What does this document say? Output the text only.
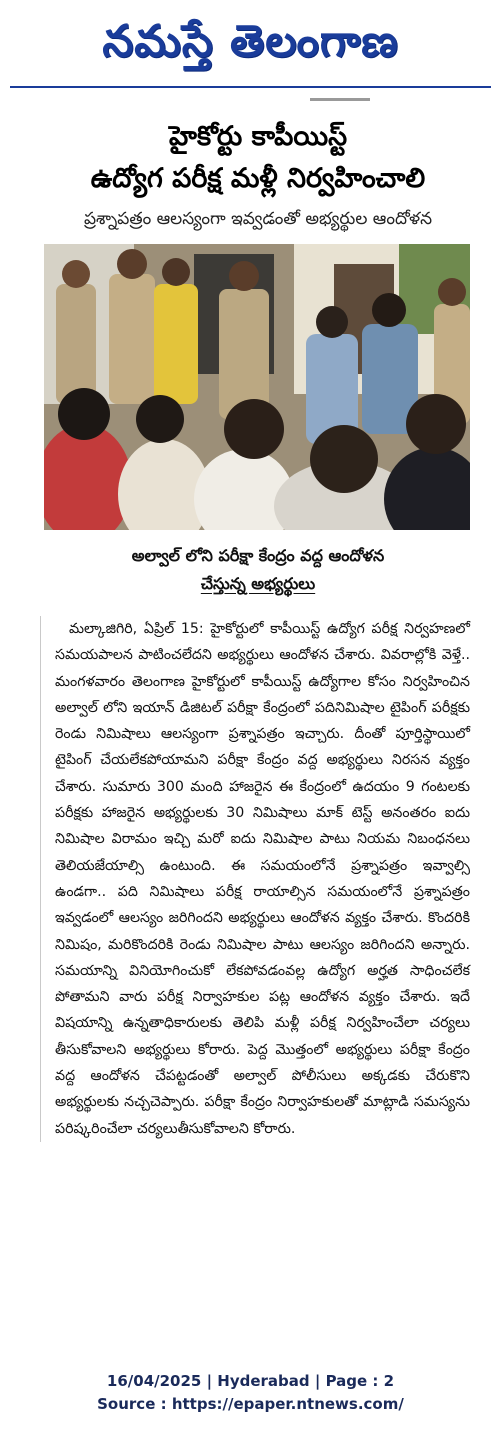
నమస్తే తెలంగాణ
హైకోర్టు కాపీయిస్ట్
ఉద్యోగ పరీక్ష మళ్లీ నిర్వహించాలి

ప్రశ్నాపత్రం ఆలస్యంగా ఇవ్వడంతో అభ్యర్థుల ఆందోళన

అల్వాల్ లోని పరీక్షా కేంద్రం వద్ద ఆందోళన
చేస్తున్న అభ్యర్థులు

మల్కాజిగిరి, ఏప్రిల్ 15: హైకోర్టులో కాపీయిస్ట్ ఉద్యోగ పరీక్ష నిర్వహణలో సమయపాలన పాటించలేదని అభ్యర్థులు ఆందోళన చేశారు. వివరాల్లోకి వెళ్తే.. మంగళవారం తెలంగాణ హైకోర్టులో కాపీయిస్ట్ ఉద్యోగాల కోసం నిర్వహించిన అల్వాల్ లోని ఇయాన్ డిజిటల్ పరీక్షా కేంద్రంలో పదినిమిషాల టైపింగ్ పరీక్షకు రెండు నిమిషాలు ఆలస్యంగా ప్రశ్నాపత్రం ఇచ్చారు. దీంతో పూర్తిస్థాయిలో టైపింగ్ చేయలేకపోయామని పరీక్షా కేంద్రం వద్ద అభ్యర్థులు నిరసన వ్యక్తం చేశారు. సుమారు 300 మంది హాజరైన ఈ కేంద్రంలో ఉదయం 9 గంటలకు పరీక్షకు హాజరైన అభ్యర్థులకు 30 నిమిషాలు మాక్ టెస్ట్ అనంతరం ఐదు నిమిషాల విరామం ఇచ్చి మరో ఐదు నిమిషాల పాటు నియమ నిబంధనలు తెలియజేయాల్సి ఉంటుంది. ఈ సమయంలోనే ప్రశ్నాపత్రం ఇవ్వాల్సి ఉండగా.. పది నిమిషాలు పరీక్ష రాయాల్సిన సమయంలోనే ప్రశ్నాపత్రం ఇవ్వడంలో ఆలస్యం జరిగిందని అభ్యర్థులు ఆందోళన వ్యక్తం చేశారు. కొందరికి నిమిషం, మరికొందరికి రెండు నిమిషాల పాటు ఆలస్యం జరిగిందని అన్నారు. సమయాన్ని వినియోగించుకో లేకపోవడంవల్ల ఉద్యోగ అర్హత సాధించలేక పోతామని వారు పరీక్ష నిర్వాహకుల పట్ల ఆందోళన వ్యక్తం చేశారు. ఇదే విషయాన్ని ఉన్నతాధికారులకు తెలిపి మళ్లీ పరీక్ష నిర్వహించేలా చర్యలు తీసుకోవాలని అభ్యర్థులు కోరారు. పెద్ద మొత్తంలో అభ్యర్థులు పరీక్షా కేంద్రం వద్ద ఆందోళన చేపట్టడంతో అల్వాల్ పోలీసులు అక్కడకు చేరుకొని అభ్యర్థులకు నచ్చచెప్పారు. పరీక్షా కేంద్రం నిర్వాహకులతో మాట్లాడి సమస్యను పరిష్కరించేలా చర్యలుతీసుకోవాలని కోరారు.

16/04/2025 | Hyderabad | Page : 2
Source : https://epaper.ntnews.com/
